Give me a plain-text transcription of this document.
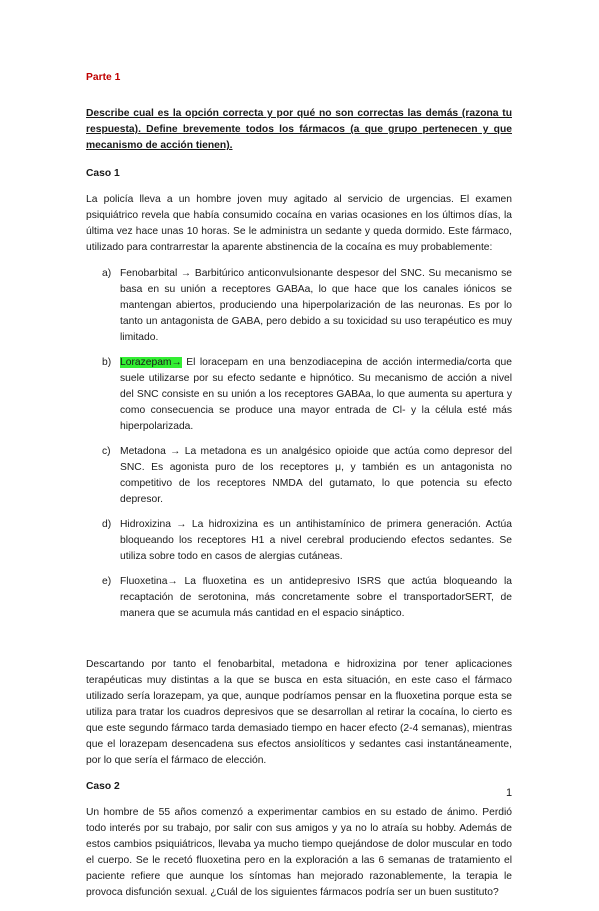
Parte 1
Describe cual es la opción correcta y por qué no son correctas las demás (razona tu respuesta). Define brevemente todos los fármacos (a que grupo pertenecen y que mecanismo de acción tienen).
Caso 1

La policía lleva a un hombre joven muy agitado al servicio de urgencias. El examen psiquiátrico revela que había consumido cocaína en varias ocasiones en los últimos días, la última vez hace unas 10 horas. Se le administra un sedante y queda dormido. Este fármaco, utilizado para contrarrestar la aparente abstinencia de la cocaína es muy probablemente:

a) Fenobarbital → Barbitúrico anticonvulsionante despesor del SNC. Su mecanismo se basa en su unión a receptores GABAa, lo que hace que los canales iónicos se mantengan abiertos, produciendo una hiperpolarización de las neuronas. Es por lo tanto un antagonista de GABA, pero debido a su toxicidad su uso terapéutico es muy limitado.
b) Lorazepam→ El loracepam en una benzodiacepina de acción intermedia/corta que suele utilizarse por su efecto sedante e hipnótico. Su mecanismo de acción a nivel del SNC consiste en su unión a los receptores GABAa, lo que aumenta su apertura y como consecuencia se produce una mayor entrada de Cl- y la célula esté más hiperpolarizada.
c) Metadona → La metadona es un analgésico opioide que actúa como depresor del SNC. Es agonista puro de los receptores μ, y también es un antagonista no competitivo de los receptores NMDA del gutamato, lo que potencia su efecto depresor.
d) Hidroxizina → La hidroxizina es un antihistamínico de primera generación. Actúa bloqueando los receptores H1 a nivel cerebral produciendo efectos sedantes. Se utiliza sobre todo en casos de alergias cutáneas.
e) Fluoxetina→ La fluoxetina es un antidepresivo ISRS que actúa bloqueando la recaptación de serotonina, más concretamente sobre el transportadorSERT, de manera que se acumula más cantidad en el espacio sináptico.

Descartando por tanto el fenobarbital, metadona e hidroxizina por tener aplicaciones terapéuticas muy distintas a la que se busca en esta situación, en este caso el fármaco utilizado sería lorazepam, ya que, aunque podríamos pensar en la fluoxetina porque esta se utiliza para tratar los cuadros depresivos que se desarrollan al retirar la cocaína, lo cierto es que este segundo fármaco tarda demasiado tiempo en hacer efecto (2-4 semanas), mientras que el lorazepam desencadena sus efectos ansiolíticos y sedantes casi instantáneamente, por lo que sería el fármaco de elección.

Caso 2

Un hombre de 55 años comenzó a experimentar cambios en su estado de ánimo. Perdió todo interés por su trabajo, por salir con sus amigos y ya no lo atraía su hobby. Además de estos cambios psiquiátricos, llevaba ya mucho tiempo quejándose de dolor muscular en todo el cuerpo. Se le recetó fluoxetina pero en la exploración a las 6 semanas de tratamiento el paciente refiere que aunque los síntomas han mejorado razonablemente, la terapia le provoca disfunción sexual. ¿Cuál de los siguientes fármacos podría ser un buen sustituto?

1
